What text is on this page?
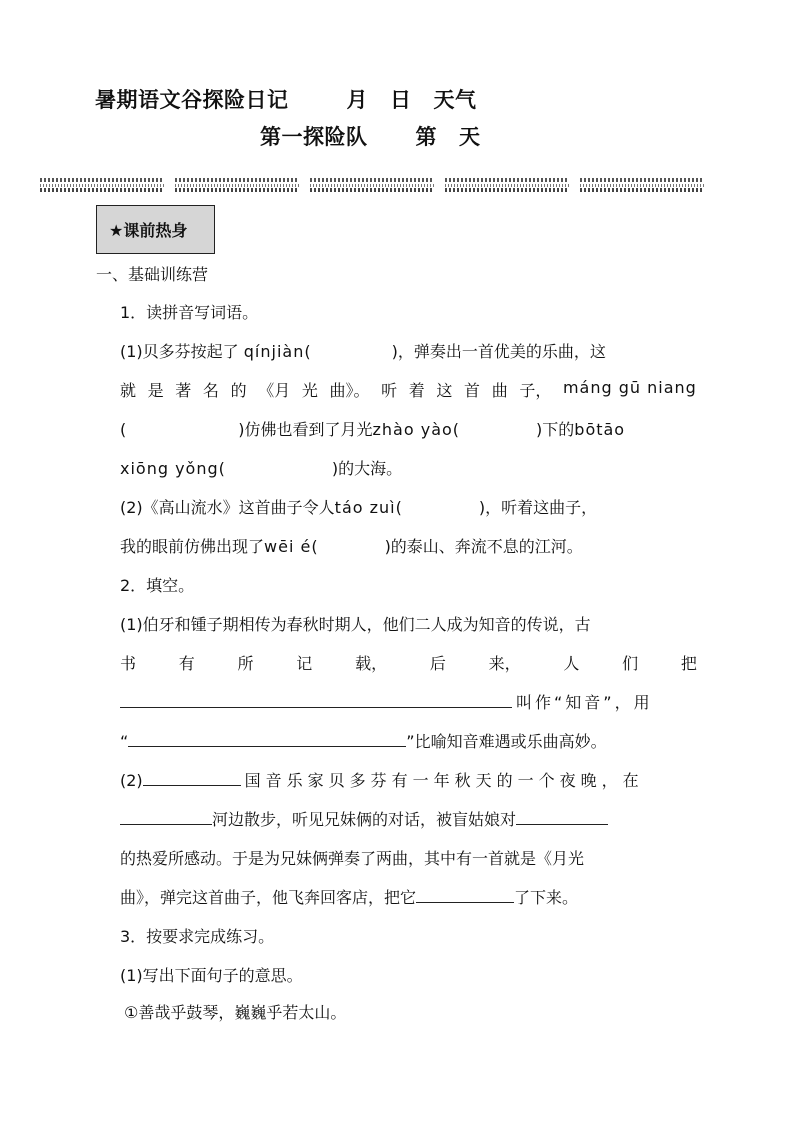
暑期语文谷探险日记	月 日 天气
第一探险队 第 天
★课前热身
一、基础训练营
1．读拼音写词语。
(1)贝多芬按起了 qínjiàn(	)，弹奏出一首优美的乐曲，这
就 是 著 名 的 《月 光 曲》。 听 着 这 首 曲 子， máng gū niang
(	)仿佛也看到了月光zhào yào(	)下的bōtāo
xiōng yǒng(	)的大海。
(2)《高山流水》这首曲子令人táo zuì(	)，听着这曲子，
我的眼前仿佛出现了wēi é(	)的泰山、奔流不息的江河。
2．填空。
(1)伯牙和锺子期相传为春秋时期人，他们二人成为知音的传说，古
书	有	所	记	载，	后	来，	人	们	把
叫作“知音”，用
“	”比喻知音难遇或乐曲高妙。
(2)	国音乐家贝多芬有一年秋天的一个夜晚，在
河边散步，听见兄妹俩的对话，被盲姑娘对
的热爱所感动。于是为兄妹俩弹奏了两曲，其中有一首就是《月光
曲》，弹完这首曲子，他飞奔回客店，把它	了下来。
3．按要求完成练习。
(1)写出下面句子的意思。
①善哉乎鼓琴，巍巍乎若太山。
